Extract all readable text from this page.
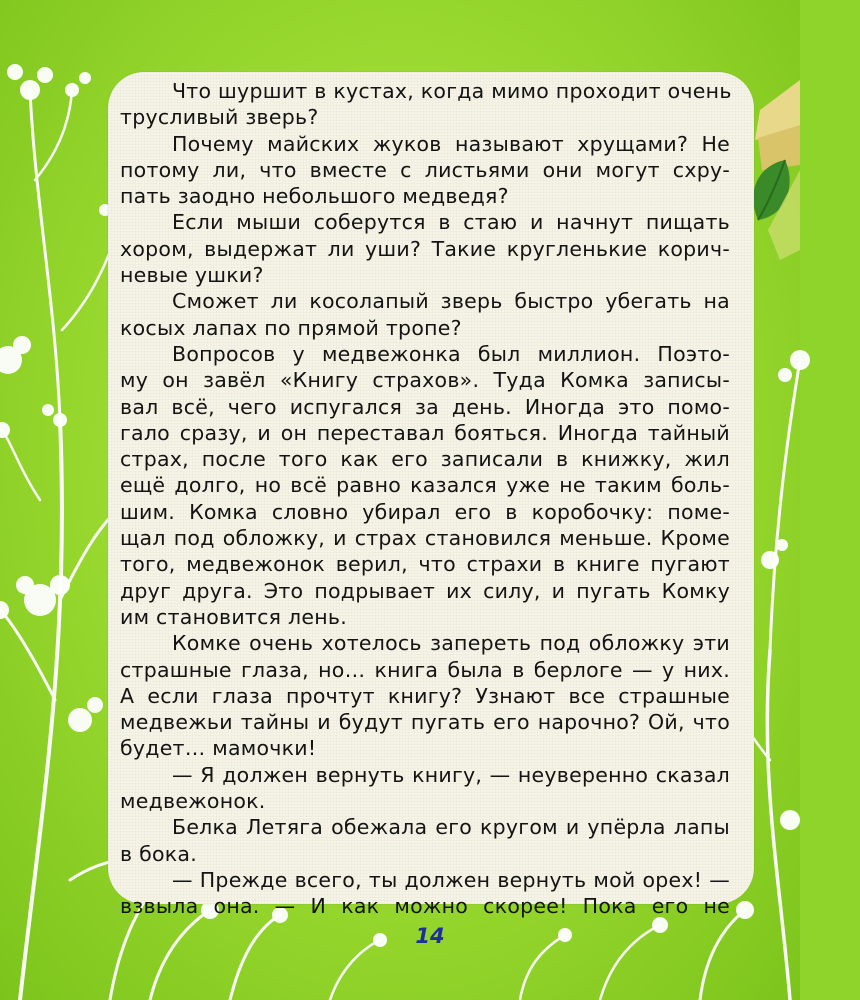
Что шуршит в кустах, когда мимо проходит очень
трусливый зверь?
Почему майских жуков называют хрущами? Не
потому ли, что вместе с листьями они могут схру-
пать заодно небольшого медведя?
Если мыши соберутся в стаю и начнут пищать
хором, выдержат ли уши? Такие кругленькие корич-
невые ушки?
Сможет ли косолапый зверь быстро убегать на
косых лапах по прямой тропе?
Вопросов у медвежонка был миллион. Поэто-
му он завёл «Книгу страхов». Туда Комка записы-
вал всё, чего испугался за день. Иногда это помо-
гало сразу, и он переставал бояться. Иногда тайный
страх, после того как его записали в книжку, жил
ещё долго, но всё равно казался уже не таким боль-
шим. Комка словно убирал его в коробочку: поме-
щал под обложку, и страх становился меньше. Кроме
того, медвежонок верил, что страхи в книге пугают
друг друга. Это подрывает их силу, и пугать Комку
им становится лень.
Комке очень хотелось запереть под обложку эти
страшные глаза, но… книга была в берлоге — у них.
А если глаза прочтут книгу? Узнают все страшные
медвежьи тайны и будут пугать его нарочно? Ой, что
будет… мамочки!
— Я должен вернуть книгу, — неуверенно сказал
медвежонок.
Белка Летяга обежала его кругом и упёрла лапы
в бока.
— Прежде всего, ты должен вернуть мой орех! —
взвыла она. — И как можно скорее! Пока его не
14
